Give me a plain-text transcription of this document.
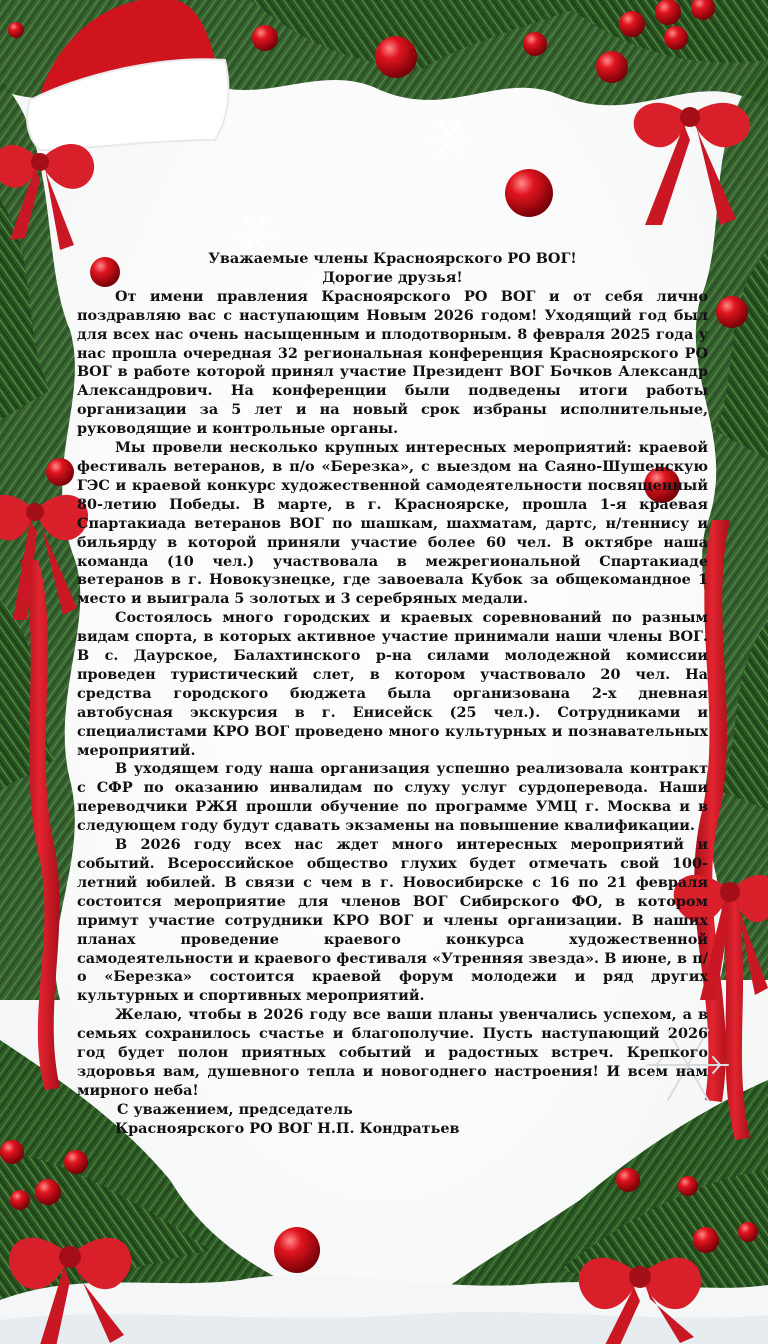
Уважаемые члены Красноярского РО ВОГ!

Дорогие друзья!

От имени правления Красноярского РО ВОГ и от себя лично поздравляю вас с наступающим Новым 2026 годом! Уходящий год был для всех нас очень насыщенным и плодотворным. 8 февраля 2025 года у нас прошла очередная 32 региональная конференция Красноярского РО ВОГ в работе которой принял участие Президент ВОГ Бочков Александр Александрович. На конференции были подведены итоги работы организации за 5 лет и на новый срок избраны исполнительные, руководящие и контрольные органы.

Мы провели несколько крупных интересных мероприятий: краевой фестиваль ветеранов, в п/о «Березка», с выездом на Саяно-Шушенскую ГЭС и краевой конкурс художественной самодеятельности посвященный 80-летию Победы. В марте, в г. Красноярске, прошла 1-я краевая Спартакиада ветеранов ВОГ по шашкам, шахматам, дартс, н/теннису и бильярду в которой приняли участие более 60 чел. В октябре наша команда (10 чел.) участвовала в межрегиональной Спартакиаде ветеранов в г. Новокузнецке, где завоевала Кубок за общекомандное 1 место и выиграла 5 золотых и 3 серебряных медали.

Состоялось много городских и краевых соревнований по разным видам спорта, в которых активное участие принимали наши члены ВОГ. В с. Даурское, Балахтинского р-на силами молодежной комиссии проведен туристический слет, в котором участвовало 20 чел. На средства городского бюджета была организована 2-х дневная автобусная экскурсия в г. Енисейск (25 чел.). Сотрудниками и специалистами КРО ВОГ проведено много культурных и познавательных мероприятий.

В уходящем году наша организация успешно реализовала контракт с СФР по оказанию инвалидам по слуху услуг сурдоперевода. Наши переводчики РЖЯ прошли обучение по программе УМЦ г. Москва и в следующем году будут сдавать экзамены на повышение квалификации.

В 2026 году всех нас ждет много интересных мероприятий и событий. Всероссийское общество глухих будет отмечать свой 100-летний юбилей. В связи с чем в г. Новосибирске с 16 по 21 февраля состоится мероприятие для членов ВОГ Сибирского ФО, в котором примут участие сотрудники КРО ВОГ и члены организации. В наших планах проведение краевого конкурса художественной самодеятельности и краевого фестиваля «Утренняя звезда». В июне, в п/о «Березка» состоится краевой форум молодежи и ряд других культурных и спортивных мероприятий.

Желаю, чтобы в 2026 году все ваши планы увенчались успехом, а в семьях сохранилось счастье и благополучие. Пусть наступающий 2026 год будет полон приятных событий и радостных встреч. Крепкого здоровья вам, душевного тепла и новогоднего настроения! И всем нам мирного неба!

С уважением, председатель

Красноярского РО ВОГ Н.П. Кондратьев
